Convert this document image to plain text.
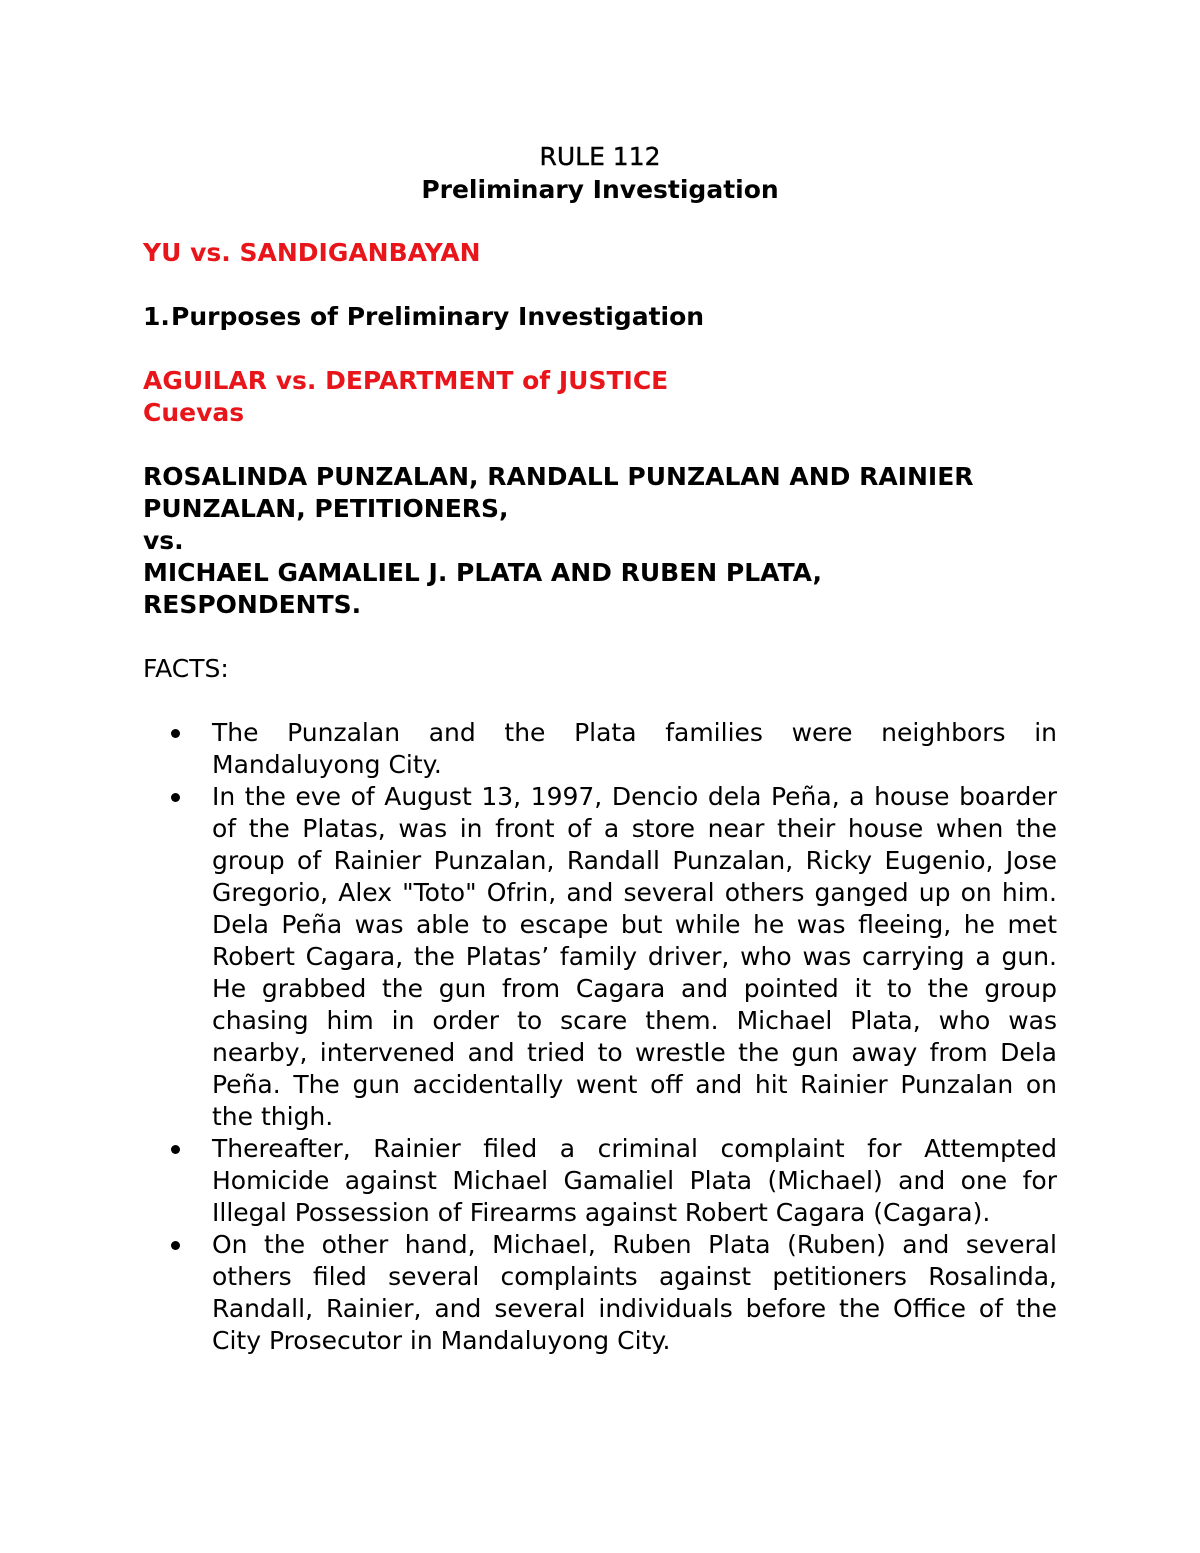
RULE 112
Preliminary Investigation
YU vs. SANDIGANBAYAN
1. Purposes of Preliminary Investigation
AGUILAR vs. DEPARTMENT of JUSTICE
Cuevas
ROSALINDA PUNZALAN, RANDALL PUNZALAN AND RAINIER
PUNZALAN, PETITIONERS,
vs.
MICHAEL GAMALIEL J. PLATA AND RUBEN PLATA,
RESPONDENTS.
FACTS:
The Punzalan and the Plata families were neighbors in Mandaluyong City.
In the eve of August 13, 1997, Dencio dela Peña, a house boarder of the Platas, was in front of a store near their house when the group of Rainier Punzalan, Randall Punzalan, Ricky Eugenio, Jose Gregorio, Alex "Toto" Ofrin, and several others ganged up on him. Dela Peña was able to escape but while he was fleeing, he met Robert Cagara, the Platas’ family driver, who was carrying a gun. He grabbed the gun from Cagara and pointed it to the group chasing him in order to scare them. Michael Plata, who was nearby, intervened and tried to wrestle the gun away from Dela Peña. The gun accidentally went off and hit Rainier Punzalan on the thigh.
Thereafter, Rainier filed a criminal complaint for Attempted Homicide against Michael Gamaliel Plata (Michael) and one for Illegal Possession of Firearms against Robert Cagara (Cagara).
On the other hand, Michael, Ruben Plata (Ruben) and several others filed several complaints against petitioners Rosalinda, Randall, Rainier, and several individuals before the Office of the City Prosecutor in Mandaluyong City.
